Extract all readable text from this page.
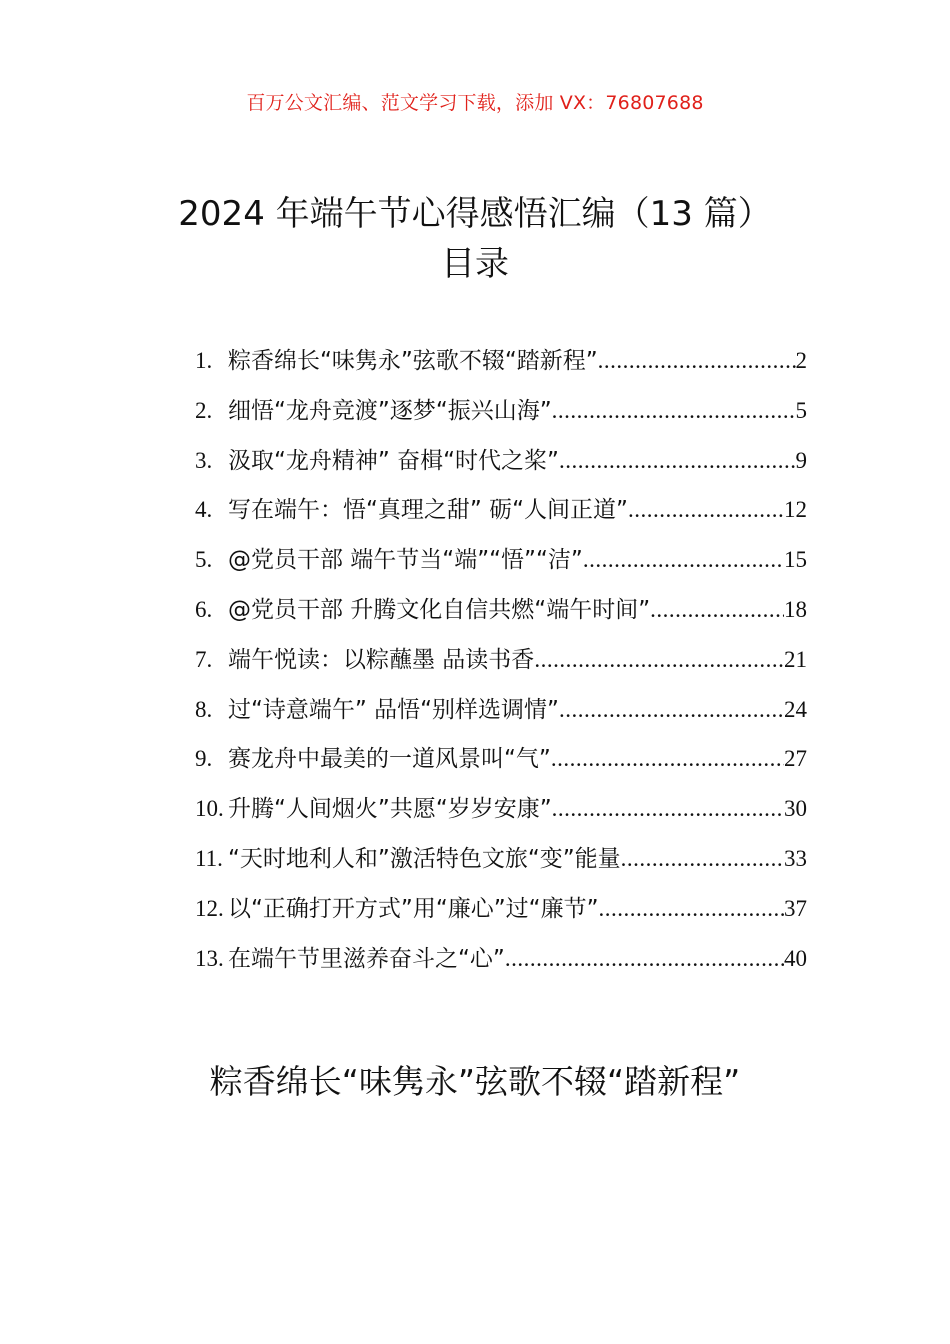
百万公文汇编、范文学习下载，添加 VX：76807688
2024 年端午节心得感悟汇编（13 篇）
目录
1. 粽香绵长“味隽永”弦歌不辍“踏新程” .....	2
2. 细悟“龙舟竞渡”逐梦“振兴山海” .....	5
3. 汲取“龙舟精神” 奋楫“时代之桨” .....	9
4. 写在端午：悟“真理之甜” 砺“人间正道” .....	12
5. @党员干部 端午节当“端”“悟”“洁” .....	15
6. @党员干部 升腾文化自信共燃“端午时间” .....	18
7. 端午悦读：以粽蘸墨 品读书香 .....	21
8. 过“诗意端午” 品悟“别样选调情” .....	24
9. 赛龙舟中最美的一道风景叫“气” .....	27
10. 升腾“人间烟火”共愿“岁岁安康” .....	30
11. “天时地利人和”激活特色文旅“变”能量 .....	33
12. 以“正确打开方式”用“廉心”过“廉节” .....	37
13. 在端午节里滋养奋斗之“心” .....	40
粽香绵长“味隽永”弦歌不辍“踏新程”
